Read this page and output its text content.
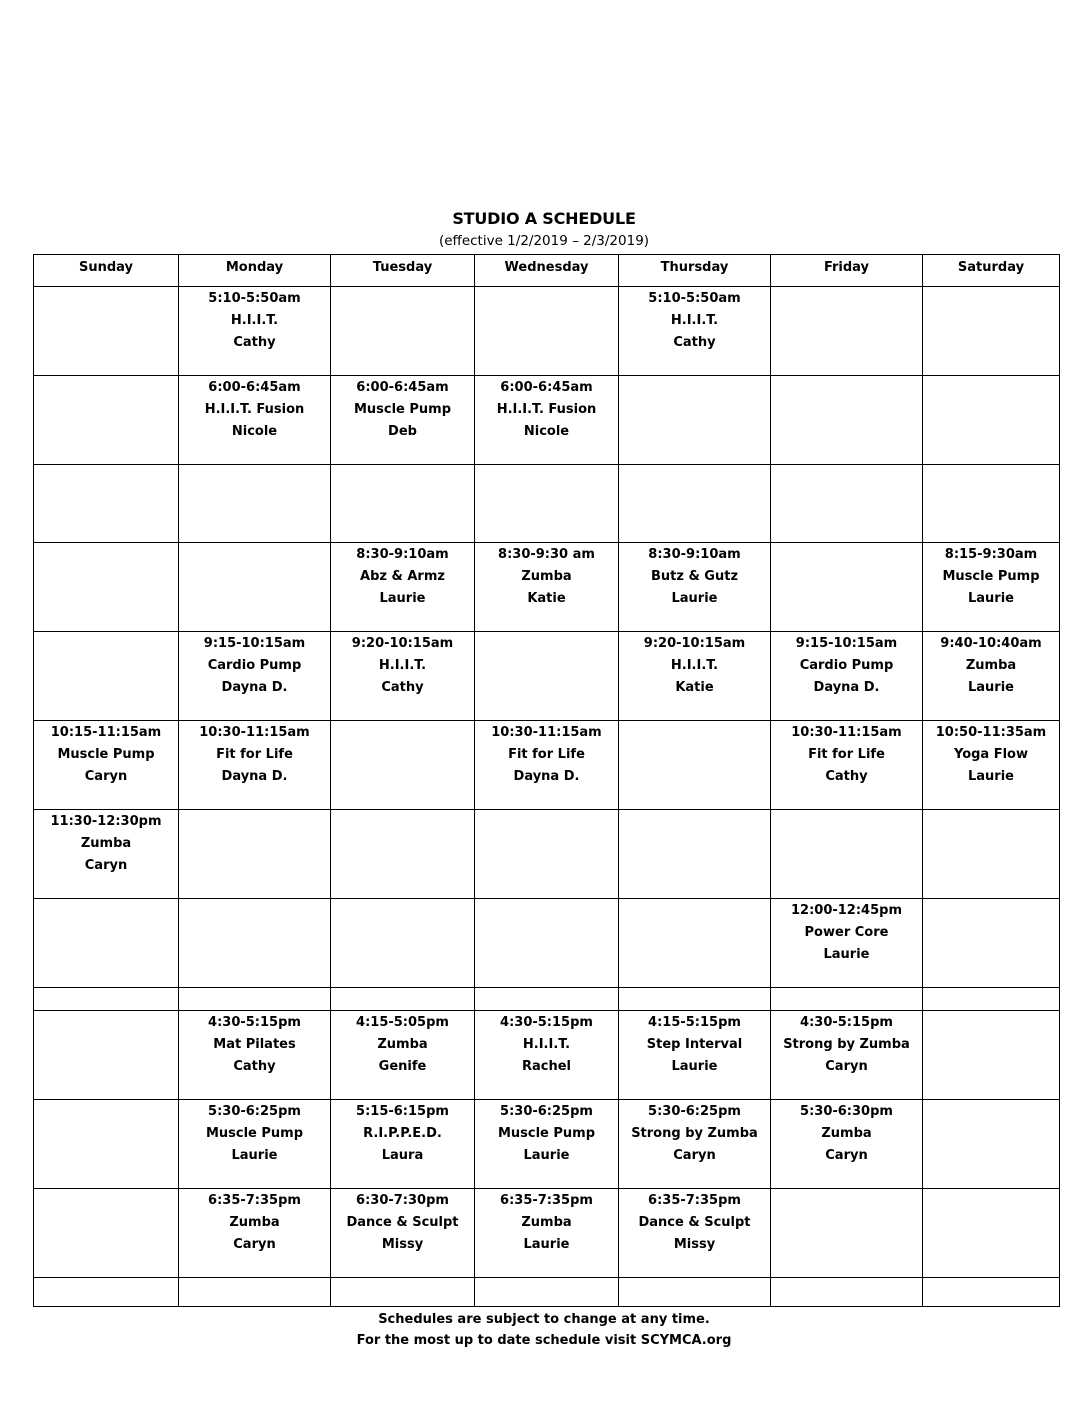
STUDIO A SCHEDULE
(effective 1/2/2019 – 2/3/2019)
Sunday	Monday	Tuesday	Wednesday	Thursday	Friday	Saturday

	5:10-5:50am
H.I.I.T.
Cathy			5:10-5:50am
H.I.I.T.
Cathy		

	6:00-6:45am
H.I.I.T. Fusion
Nicole	6:00-6:45am
Muscle Pump
Deb	6:00-6:45am
H.I.I.T. Fusion
Nicole			

		8:30-9:10am
Abz & Armz
Laurie	8:30-9:30 am
Zumba
Katie	8:30-9:10am
Butz & Gutz
Laurie		8:15-9:30am
Muscle Pump
Laurie

	9:15-10:15am
Cardio Pump
Dayna D.	9:20-10:15am
H.I.I.T.
Cathy		9:20-10:15am
H.I.I.T.
Katie	9:15-10:15am
Cardio Pump
Dayna D.	9:40-10:40am
Zumba
Laurie

10:15-11:15am
Muscle Pump
Caryn	10:30-11:15am
Fit for Life
Dayna D.		10:30-11:15am
Fit for Life
Dayna D.		10:30-11:15am
Fit for Life
Cathy	10:50-11:35am
Yoga Flow
Laurie

11:30-12:30pm
Zumba
Caryn						

					12:00-12:45pm
Power Core
Laurie	

	4:30-5:15pm
Mat Pilates
Cathy	4:15-5:05pm
Zumba
Genife	4:30-5:15pm
H.I.I.T.
Rachel	4:15-5:15pm
Step Interval
Laurie	4:30-5:15pm
Strong by Zumba
Caryn	

	5:30-6:25pm
Muscle Pump
Laurie	5:15-6:15pm
R.I.P.P.E.D.
Laura	5:30-6:25pm
Muscle Pump
Laurie	5:30-6:25pm
Strong by Zumba
Caryn	5:30-6:30pm
Zumba
Caryn	

	6:35-7:35pm
Zumba
Caryn	6:30-7:30pm
Dance & Sculpt
Missy	6:35-7:35pm
Zumba
Laurie	6:35-7:35pm
Dance & Sculpt
Missy		

Schedules are subject to change at any time.
For the most up to date schedule visit SCYMCA.org
